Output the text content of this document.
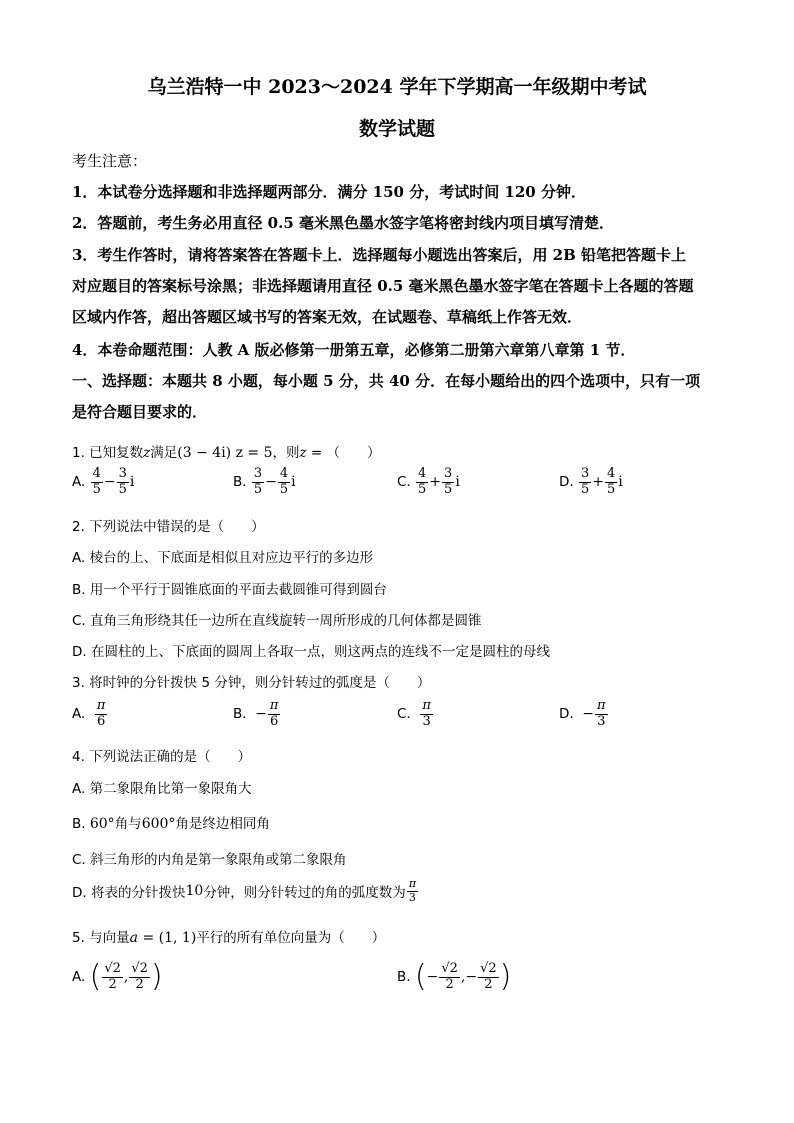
乌兰浩特一中 2023～2024 学年下学期高一年级期中考试
数学试题
考生注意：
1．本试卷分选择题和非选择题两部分．满分 150 分，考试时间 120 分钟．
2．答题前，考生务必用直径 0.5 毫米黑色墨水签字笔将密封线内项目填写清楚．
3．考生作答时，请将答案答在答题卡上．选择题每小题选出答案后，用 2B 铅笔把答题卡上
对应题目的答案标号涂黑；非选择题请用直径 0.5 毫米黑色墨水签字笔在答题卡上各题的答题
区域内作答，超出答题区域书写的答案无效，在试题卷、草稿纸上作答无效．
4．本卷命题范围：人教 A 版必修第一册第五章，必修第二册第六章第八章第 1 节．
一、选择题：本题共 8 小题，每小题 5 分，共 40 分．在每小题给出的四个选项中，只有一项
是符合题目要求的．
1. 已知复数z满足(3 − 4i) z = 5，则z = （　　）
A.
$\frac{4}{5} - \frac{3}{5}$ i	B.
$\frac{3}{5} - \frac{4}{5}$ i	C.
$\frac{4}{5} + \frac{3}{5}$ i	D.
$\frac{3}{5} + \frac{4}{5}$ i
2. 下列说法中错误的是（　　）
A. 棱台的上、下底面是相似且对应边平行的多边形
B. 用一个平行于圆锥底面的平面去截圆锥可得到圆台
C. 直角三角形绕其任一边所在直线旋转一周所形成的几何体都是圆锥
D. 在圆柱的上、下底面的圆周上各取一点，则这两点的连线不一定是圆柱的母线
3. 将时钟的分针拨快 5 分钟，则分针转过的弧度是（　　）
A.
$\frac{\pi}{6}$	B.
− $\frac{\pi}{6}$	C.
$\frac{\pi}{3}$	D.
− $\frac{\pi}{3}$
4. 下列说法正确的是（　　）
A. 第二象限角比第一象限角大
B. 60°角与600°角是终边相同角
C. 斜三角形的内角是第一象限角或第二象限角
D. 将表的分针拨快 10 分钟，则分针转过的角的弧度数为 $\frac{\pi}{3}$
5. 与向量a = (1, 1)平行的所有单位向量为（　　）
A.
( $\frac{√2}{2}$ , $\frac{√2}{2}$ )	B.
( − $\frac{√2}{2}$ , − $\frac{√2}{2}$ )
